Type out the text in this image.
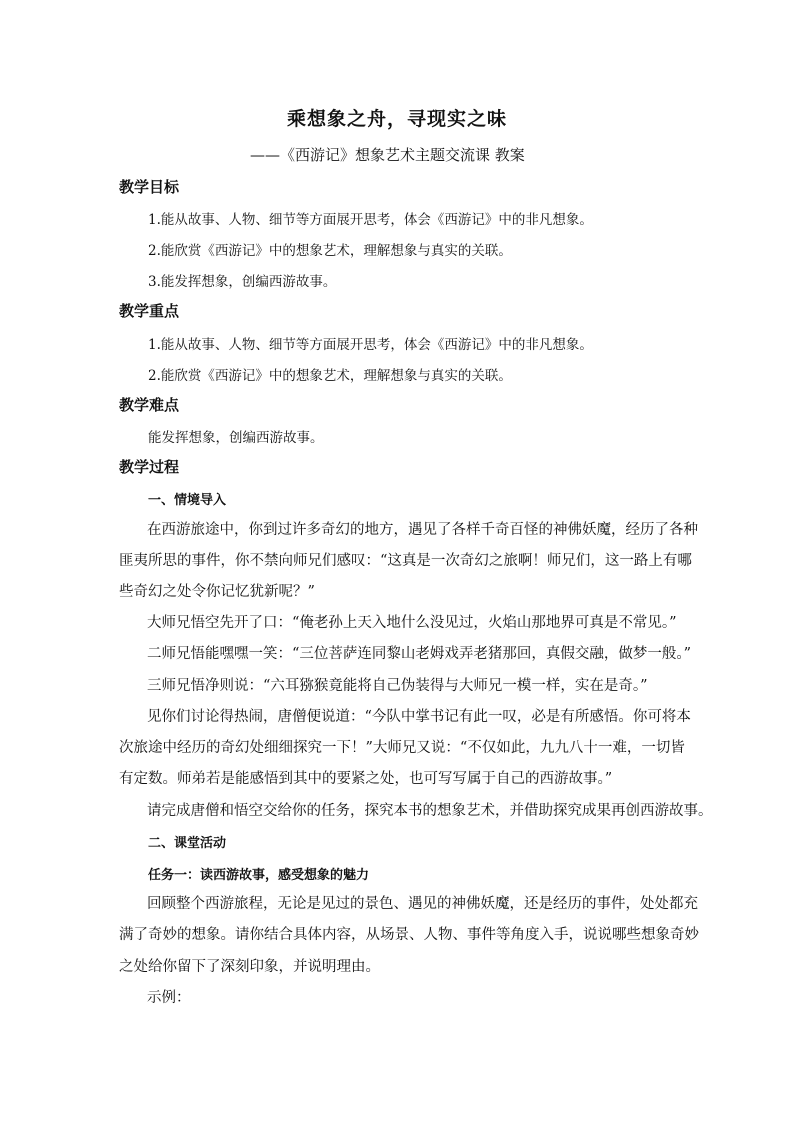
乘想象之舟，寻现实之味
——《西游记》想象艺术主题交流课 教案
教学目标
1.能从故事、人物、细节等方面展开思考，体会《西游记》中的非凡想象。
2.能欣赏《西游记》中的想象艺术，理解想象与真实的关联。
3.能发挥想象，创编西游故事。
教学重点
1.能从故事、人物、细节等方面展开思考，体会《西游记》中的非凡想象。
2.能欣赏《西游记》中的想象艺术，理解想象与真实的关联。
教学难点
能发挥想象，创编西游故事。
教学过程
一、情境导入
在西游旅途中，你到过许多奇幻的地方，遇见了各样千奇百怪的神佛妖魔，经历了各种
匪夷所思的事件，你不禁向师兄们感叹：“这真是一次奇幻之旅啊！师兄们，这一路上有哪
些奇幻之处令你记忆犹新呢？”
大师兄悟空先开了口：“俺老孙上天入地什么没见过，火焰山那地界可真是不常见。”
二师兄悟能嘿嘿一笑：“三位菩萨连同黎山老姆戏弄老猪那回，真假交融，做梦一般。”
三师兄悟净则说：“六耳猕猴竟能将自己伪装得与大师兄一模一样，实在是奇。”
见你们讨论得热闹，唐僧便说道：“今队中掌书记有此一叹，必是有所感悟。你可将本
次旅途中经历的奇幻处细细探究一下！”大师兄又说：“不仅如此，九九八十一难，一切皆
有定数。师弟若是能感悟到其中的要紧之处，也可写写属于自己的西游故事。”
请完成唐僧和悟空交给你的任务，探究本书的想象艺术，并借助探究成果再创西游故事。
二、课堂活动
任务一：读西游故事，感受想象的魅力
回顾整个西游旅程，无论是见过的景色、遇见的神佛妖魔，还是经历的事件，处处都充
满了奇妙的想象。请你结合具体内容，从场景、人物、事件等角度入手，说说哪些想象奇妙
之处给你留下了深刻印象，并说明理由。
示例：
